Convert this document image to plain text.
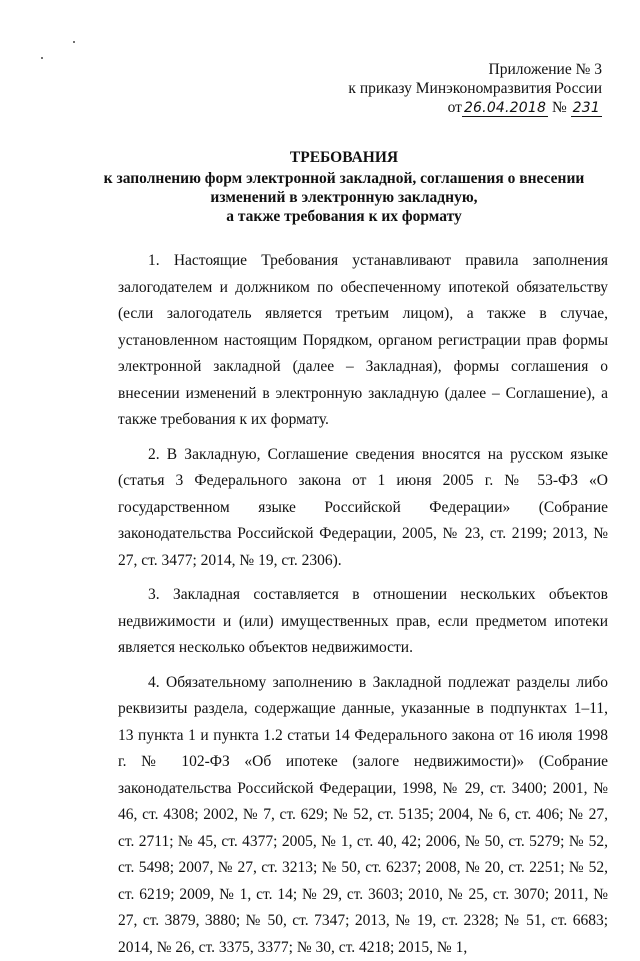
Приложение № 3
к приказу Минэкономразвития России
от 26.04.2018 № 231
ТРЕБОВАНИЯ
к заполнению форм электронной закладной, соглашения о внесении
изменений в электронную закладную,
а также требования к их формату

1. Настоящие Требования устанавливают правила заполнения залогодателем и должником по обеспеченному ипотекой обязательству (если залогодатель является третьим лицом), а также в случае, установленном настоящим Порядком, органом регистрации прав формы электронной закладной (далее – Закладная), формы соглашения о внесении изменений в электронную закладную (далее – Соглашение), а также требования к их формату.

2. В Закладную, Соглашение сведения вносятся на русском языке (статья 3 Федерального закона от 1 июня 2005 г. № 53-ФЗ «О государственном языке Российской Федерации» (Собрание законодательства Российской Федерации, 2005, № 23, ст. 2199; 2013, № 27, ст. 3477; 2014, № 19, ст. 2306).

3. Закладная составляется в отношении нескольких объектов недвижимости и (или) имущественных прав, если предметом ипотеки является несколько объектов недвижимости.

4. Обязательному заполнению в Закладной подлежат разделы либо реквизиты раздела, содержащие данные, указанные в подпунктах 1–11, 13 пункта 1 и пункта 1.2 статьи 14 Федерального закона от 16 июля 1998 г. № 102-ФЗ «Об ипотеке (залоге недвижимости)» (Собрание законодательства Российской Федерации, 1998, № 29, ст. 3400; 2001, № 46, ст. 4308; 2002, № 7, ст. 629; № 52, ст. 5135; 2004, № 6, ст. 406; № 27, ст. 2711; № 45, ст. 4377; 2005, № 1, ст. 40, 42; 2006, № 50, ст. 5279; № 52, ст. 5498; 2007, № 27, ст. 3213; № 50, ст. 6237; 2008, № 20, ст. 2251; № 52, ст. 6219; 2009, № 1, ст. 14; № 29, ст. 3603; 2010, № 25, ст. 3070; 2011, № 27, ст. 3879, 3880; № 50, ст. 7347; 2013, № 19, ст. 2328; № 51, ст. 6683; 2014, № 26, ст. 3375, 3377; № 30, ст. 4218; 2015, № 1,
